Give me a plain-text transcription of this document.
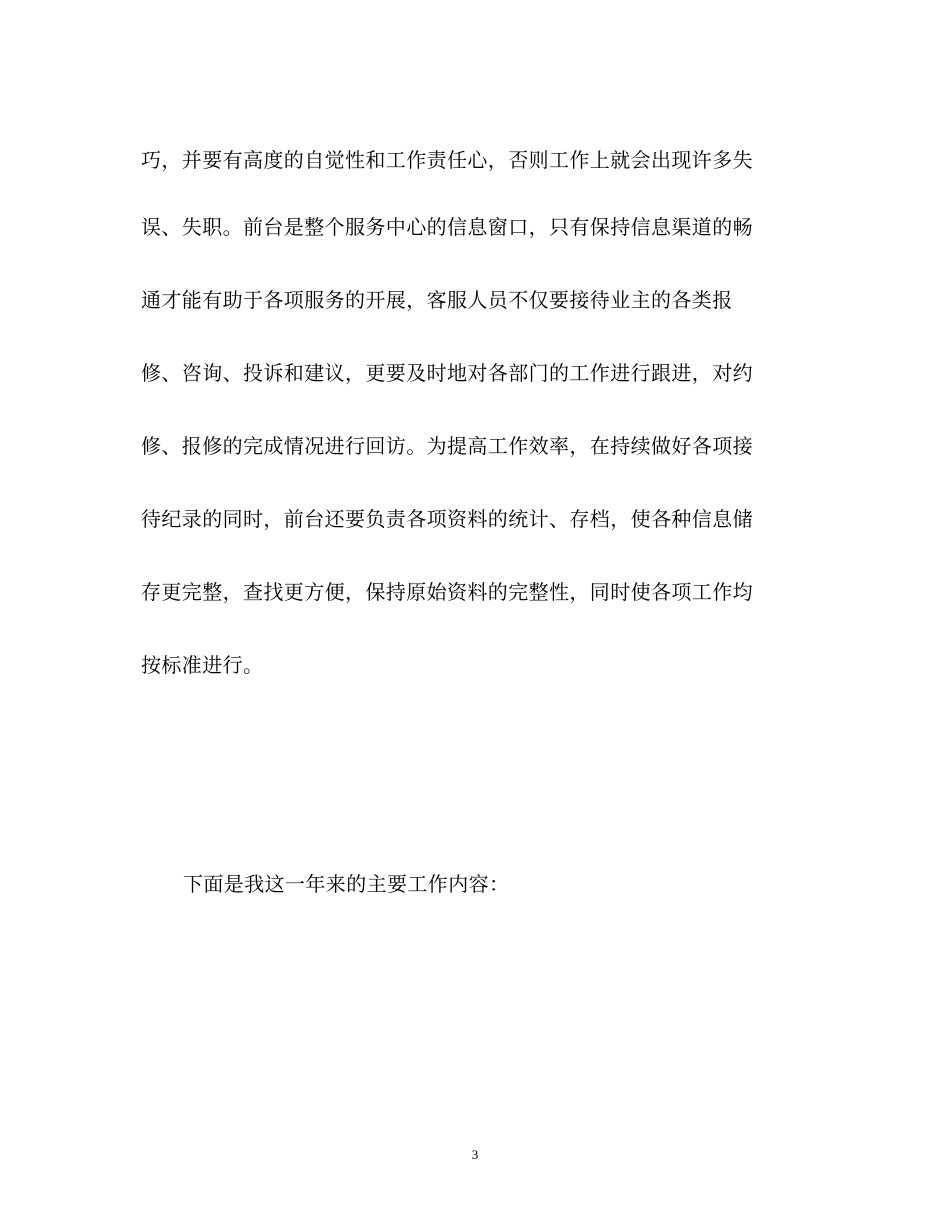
巧，并要有高度的自觉性和工作责任心，否则工作上就会出现许多失
误、失职。前台是整个服务中心的信息窗口，只有保持信息渠道的畅
通才能有助于各项服务的开展，客服人员不仅要接待业主的各类报
修、咨询、投诉和建议，更要及时地对各部门的工作进行跟进，对约
修、报修的完成情况进行回访。为提高工作效率，在持续做好各项接
待纪录的同时，前台还要负责各项资料的统计、存档，使各种信息储
存更完整，查找更方便，保持原始资料的完整性，同时使各项工作均
按标准进行。
下面是我这一年来的主要工作内容：
3
